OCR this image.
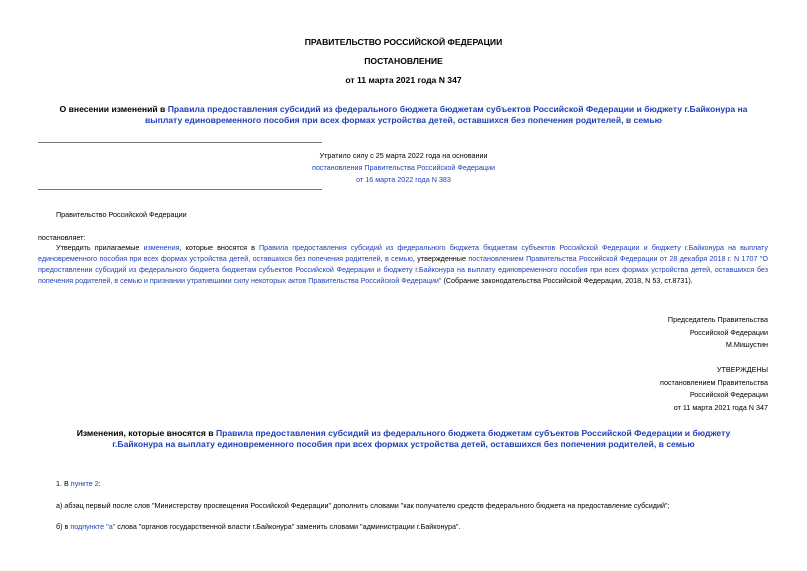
ПРАВИТЕЛЬСТВО РОССИЙСКОЙ ФЕДЕРАЦИИ
ПОСТАНОВЛЕНИЕ
от 11 марта 2021 года N 347
О внесении изменений в Правила предоставления субсидий из федерального бюджета бюджетам субъектов Российской Федерации и бюджету г.Байконура на выплату единовременного пособия при всех формах устройства детей, оставшихся без попечения родителей, в семью
Утратило силу с 25 марта 2022 года на основании
постановления Правительства Российской Федерации
от 16 марта 2022 года N 383
Правительство Российской Федерации
постановляет:
Утвердить прилагаемые изменения, которые вносятся в Правила предоставления субсидий из федерального бюджета бюджетам субъектов Российской Федерации и бюджету г.Байконура на выплату единовременного пособия при всех формах устройства детей, оставшихся без попечения родителей, в семью, утвержденные постановлением Правительства Российской Федерации от 28 декабря 2018 г. N 1707 "О предоставлении субсидий из федерального бюджета бюджетам субъектов Российской Федерации и бюджету г.Байконура на выплату единовременного пособия при всех формах устройства детей, оставшихся без попечения родителей, в семью и признании утратившими силу некоторых актов Правительства Российской Федерации" (Собрание законодательства Российской Федерации, 2018, N 53, ст.8731).
Председатель Правительства
Российской Федерации
М.Мишустин
УТВЕРЖДЕНЫ
постановлением Правительства
Российской Федерации
от 11 марта 2021 года N 347
Изменения, которые вносятся в Правила предоставления субсидий из федерального бюджета бюджетам субъектов Российской Федерации и бюджету
г.Байконура на выплату единовременного пособия при всех формах устройства детей, оставшихся без попечения родителей, в семью
1. В пункте 2:
а) абзац первый после слов "Министерству просвещения Российской Федерации" дополнить словами "как получателю средств федерального бюджета на предоставление субсидий";
б) в подпункте "а" слова "органов государственной власти г.Байконура" заменить словами "администрации г.Байконура".
